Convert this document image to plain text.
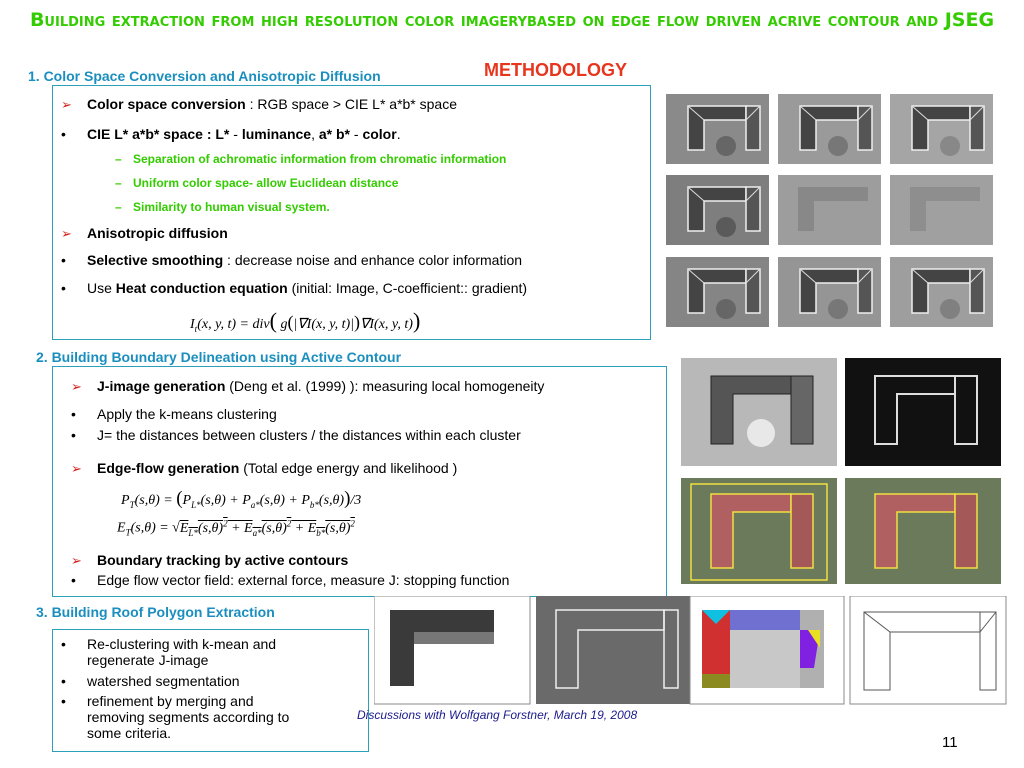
Building extraction from high resolution color imagerybased on edge flow driven acrive contour and JSEG
METHODOLOGY
1. Color Space Conversion and Anisotropic Diffusion
➢	Color space conversion : RGB space > CIE L* a*b* space
•	CIE L* a*b* space : L* - luminance, a* b* - color.
– Separation of achromatic information from chromatic information
– Uniform color space- allow Euclidean distance
– Similarity to human visual system.
➢	Anisotropic diffusion
•	Selective smoothing : decrease noise and enhance color information
•	Use Heat conduction equation (initial: Image, C-coefficient:: gradient)
$I_t(x$, y, t) = div( g(|∇I(x, y, t)|)∇I(x, y, t))
2. Building Boundary Delineation using Active Contour
➢	J-image generation (Deng et al. (1999) ): measuring local homogeneity
•	Apply the k-means clustering
•	J= the distances between clusters / the distances within each cluster
➢	Edge-flow generation (Total edge energy and likelihood )
$P_T(s,\theta) = (P_{L*}(s,\theta) + P_{a*}(s,\theta) + P_{b*}(s,\theta))/3$
$E_T(s,\theta) = √E_{L*}(s,\theta)^2 + E_{a*}(s,\theta)^2 + E_{b*}(s,\theta)^2$
➢	Boundary tracking by active contours
•	Edge flow vector field: external force, measure J: stopping function
3. Building Roof Polygon Extraction
•	Re-clustering with k-mean and
regenerate J-image
•	watershed segmentation
•	refinement by merging and
removing segments according to
some criteria.
Discussions with Wolfgang Forstner, March 19, 2008
11
